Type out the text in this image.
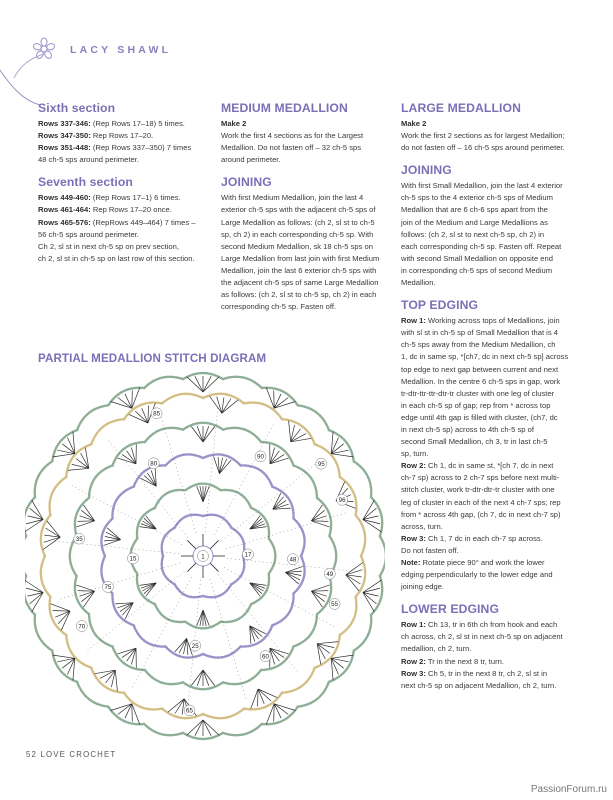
LACY SHAWL
Sixth section

Rows 337-346: (Rep Rows 17–18) 5 times.

Rows 347-350: Rep Rows 17–20.

Rows 351-448: (Rep Rows 337–350) 7 times

48 ch-5 sps around perimeter.

Seventh section

Rows 449-460: (Rep Rows 17–1) 6 times.

Rows 461-464: Rep Rows 17–20 once.

Rows 465-576: (RepRows 449–464) 7 times –

56 ch-5 sps around perimeter.

Ch 2, sl st in next ch-5 sp on prev section,

ch 2, sl st in ch-5 sp on last row of this section.

MEDIUM MEDALLION

Make 2

Work the first 4 sections as for the Largest

Medallion. Do not fasten off – 32 ch-5 sps

around perimeter.

JOINING

With first Medium Medallion, join the last 4

exterior ch-5 sps with the adjacent ch-5 sps of

Large Medallion as follows: (ch 2, sl st to ch-5

sp, ch 2) in each corresponding ch-5 sp. With

second Medium Medallion, sk 18 ch-5 sps on

Large Medallion from last join with first Medium

Medallion, join the last 6 exterior ch-5 sps with

the adjacent ch-5 sps of same Large Medallion

as follows: (ch 2, sl st to ch-5 sp, ch 2) in each

corresponding ch-5 sp. Fasten off.

LARGE MEDALLION

Make 2

Work the first 2 sections as for largest Medallion;

do not fasten off – 16 ch-5 sps around perimeter.

JOINING

With first Small Medallion, join the last 4 exterior

ch-5 sps to the 4 exterior ch-5 sps of Medium

Medallion that are 6 ch-6 sps apart from the

join of the Medium and Large Medallions as

follows: (ch 2, sl st to next ch-5 sp, ch 2) in

each corresponding ch-5 sp. Fasten off. Repeat

with second Small Medallion on opposite end

in corresponding ch-5 sps of second Medium

Medallion.

TOP EDGING

Row 1: Working across tops of Medallions, join

with sl st in ch-5 sp of Small Medallion that is 4

ch-5 sps away from the Medium Medallion, ch

1, dc in same sp, *[ch7, dc in next ch-5 sp] across

top edge to next gap between current and next

Medallion. In the centre 6 ch-5 sps in gap, work

tr-dtr-ttr-ttr-dtr-tr cluster with one leg of cluster

in each ch-5 sp of gap; rep from * across top

edge until 4th gap is filled with cluster, (ch7, dc

in next ch-5 sp) across to 4th ch-5 sp of

second Small Medallion, ch 3, tr in last ch-5

sp, turn.

Row 2: Ch 1, dc in same st, *[ch 7, dc in next

ch-7 sp) across to 2 ch-7 sps before next multi-

stitch cluster, work tr-dtr-dtr-tr cluster with one

leg of cluster in each of the next 4 ch-7 sps; rep

from * across 4th gap, (ch 7, dc in next ch-7 sp)

across, turn.

Row 3: Ch 1, 7 dc in each ch-7 sp across.

Do not fasten off.

Note: Rotate piece 90° and work the lower

edging perpendicularly to the lower edge and

joining edge.

LOWER EDGING

Row 1: Ch 13, tr in 6th ch from hook and each

ch across, ch 2, sl st in next ch-5 sp on adjacent

medallion, ch 2, turn.

Row 2: Tr in the next 8 tr, turn.

Row 3: Ch 5, tr in the next 8 tr, ch 2, sl st in

next ch-5 sp on adjacent Medallion, ch 2, turn.

PARTIAL MEDALLION STITCH DIAGRAM
90
95
96
80
85
1	48
49
35
17
15
70
75
55
60
65
25
52 LOVE CROCHET
PassionForum.ru
